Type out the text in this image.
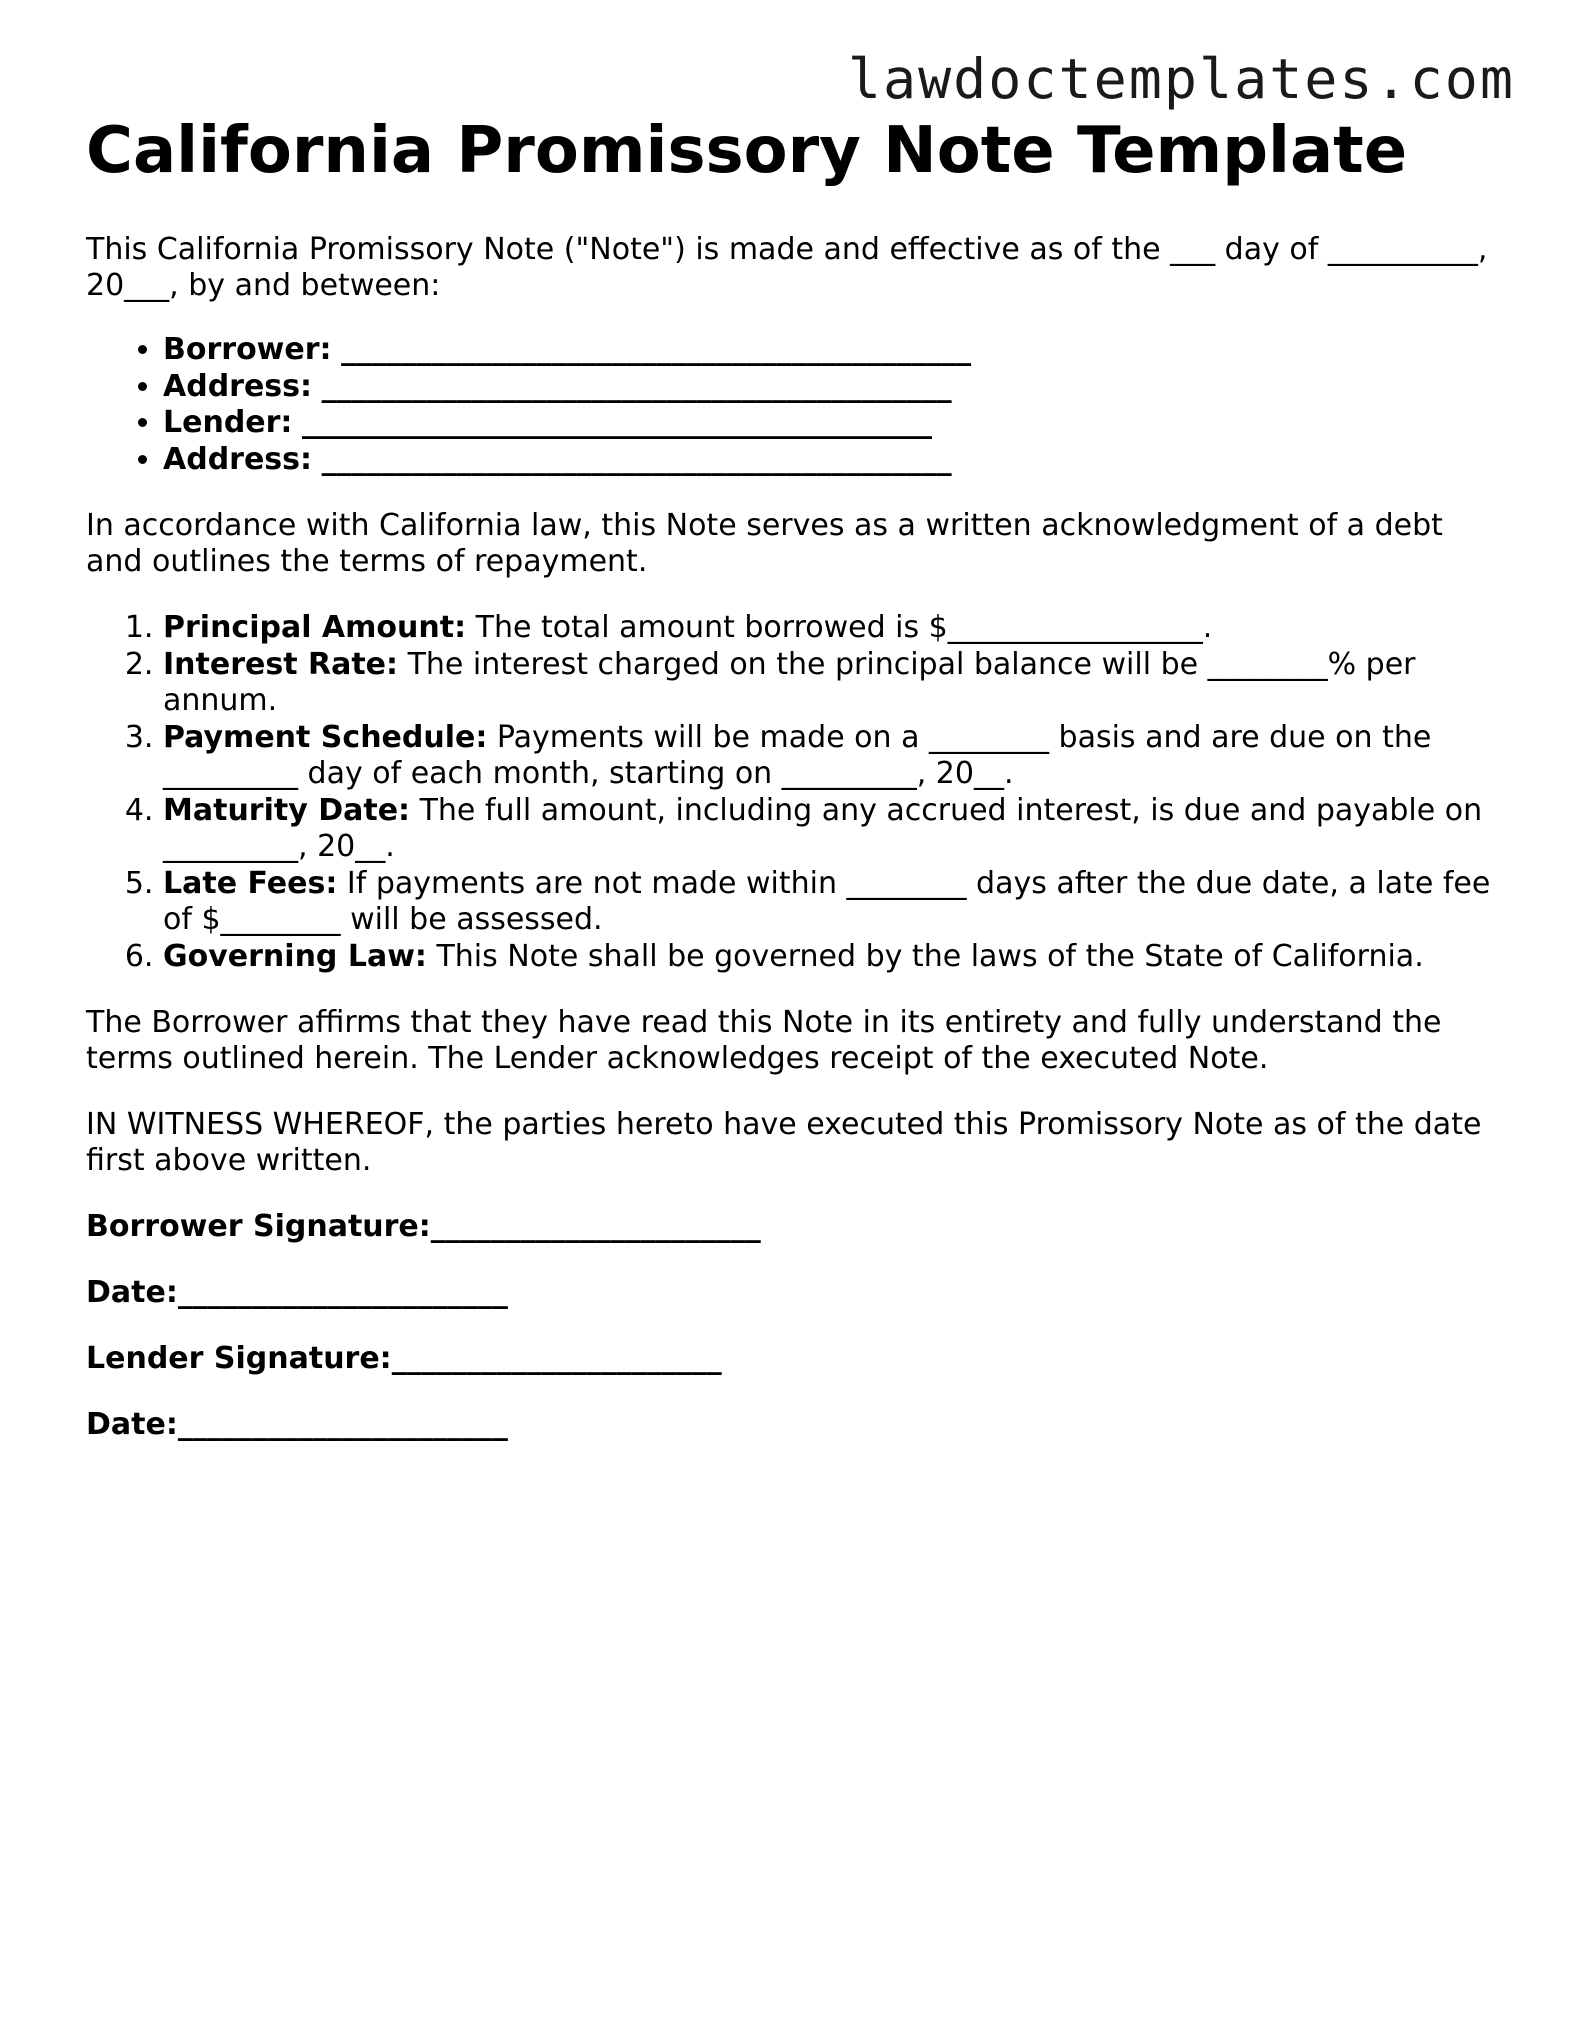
lawdoctemplates.com
California Promissory Note Template

This California Promissory Note ("Note") is made and effective as of the ___ day of __________, 20___, by and between:

• Borrower: __________________________________________
• Address: __________________________________________
• Lender: __________________________________________
• Address: __________________________________________

In accordance with California law, this Note serves as a written acknowledgment of a debt and outlines the terms of repayment.

1. Principal Amount: The total amount borrowed is $_________________.
2. Interest Rate: The interest charged on the principal balance will be ________% per annum.
3. Payment Schedule: Payments will be made on a ________ basis and are due on the _________ day of each month, starting on _________, 20__.
4. Maturity Date: The full amount, including any accrued interest, is due and payable on _________, 20__.
5. Late Fees: If payments are not made within ________ days after the due date, a late fee of $________ will be assessed.
6. Governing Law: This Note shall be governed by the laws of the State of California.

The Borrower affirms that they have read this Note in its entirety and fully understand the terms outlined herein. The Lender acknowledges receipt of the executed Note.

IN WITNESS WHEREOF, the parties hereto have executed this Promissory Note as of the date first above written.

Borrower Signature:______________________

Date:______________________

Lender Signature:______________________

Date:______________________
